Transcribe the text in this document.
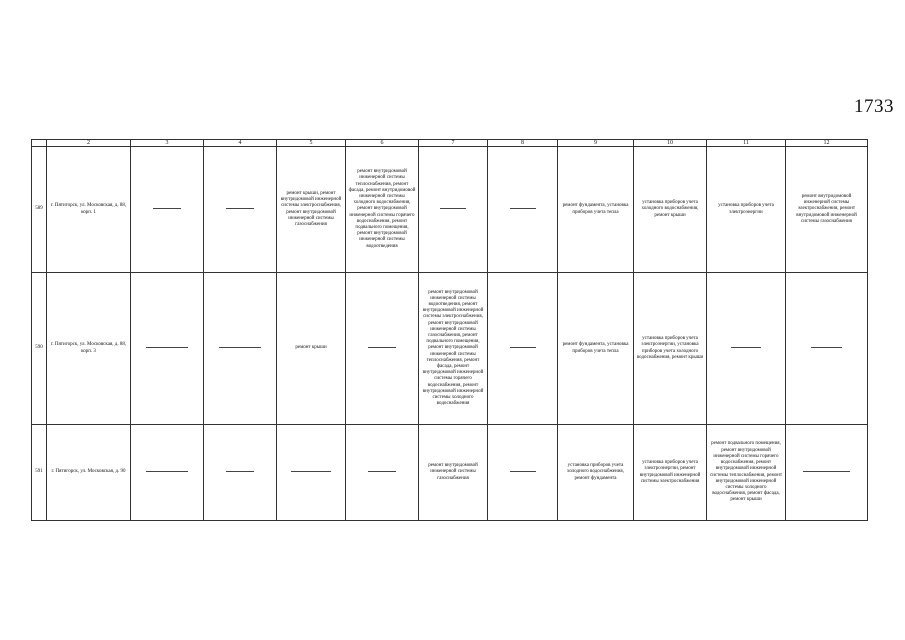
1733
	2	3	4	5	6	7	8	9	10	11	12
589	г. Пятигорск, ул. Московская, д. 88, корп. 1			ремонт крыши, ремонт внутридомовой инженерной системы электроснабжения, ремонт внутридомовой инженерной системы газоснабжения	ремонт внутридомовой инженерной системы теплоснабжения, ремонт фасада, ремонт внутридомовой инженерной системы холодного водоснабжения, ремонт внутридомовой инженерной системы горячего водоснабжения, ремонт подвального помещения, ремонт внутридомовой инженерной системы водоотведения			ремонт фундамента, установка приборов учета тепла	установка приборов учета холодного водоснабжения, ремонт крыши	установка приборов учета электроэнергии	ремонт внутридомовой инженерной системы электроснабжения, ремонт внутридомовой инженерной системы газоснабжения
590	г. Пятигорск, ул. Московская, д. 88, корп. 3			ремонт крыши		ремонт внутридомовой инженерной системы водоотведения, ремонт внутридомовой инженерной системы электроснабжения, ремонт внутридомовой инженерной системы газоснабжения, ремонт подвального помещения, ремонт внутридомовой инженерной системы теплоснабжения, ремонт фасада, ремонт внутридомовой инженерной системы горячего водоснабжения, ремонт внутридомовой инженерной системы холодного водоснабжения		ремонт фундамента, установка приборов учета тепла	установка приборов учета электроэнергии, установка приборов учета холодного водоснабжения, ремонт крыши		
591	г. Пятигорск, ул. Московская, д. 90					ремонт внутридомовой инженерной системы газоснабжения		установка приборов учета холодного водоснабжения, ремонт фундамента	установка приборов учета электроэнергии, ремонт внутридомовой инженерной системы электроснабжения	ремонт подвального помещения, ремонт внутридомовой инженерной системы горячего водоснабжения, ремонт внутридомовой инженерной системы теплоснабжения, ремонт внутридомовой инженерной системы холодного водоснабжения, ремонт фасада, ремонт крыши	
